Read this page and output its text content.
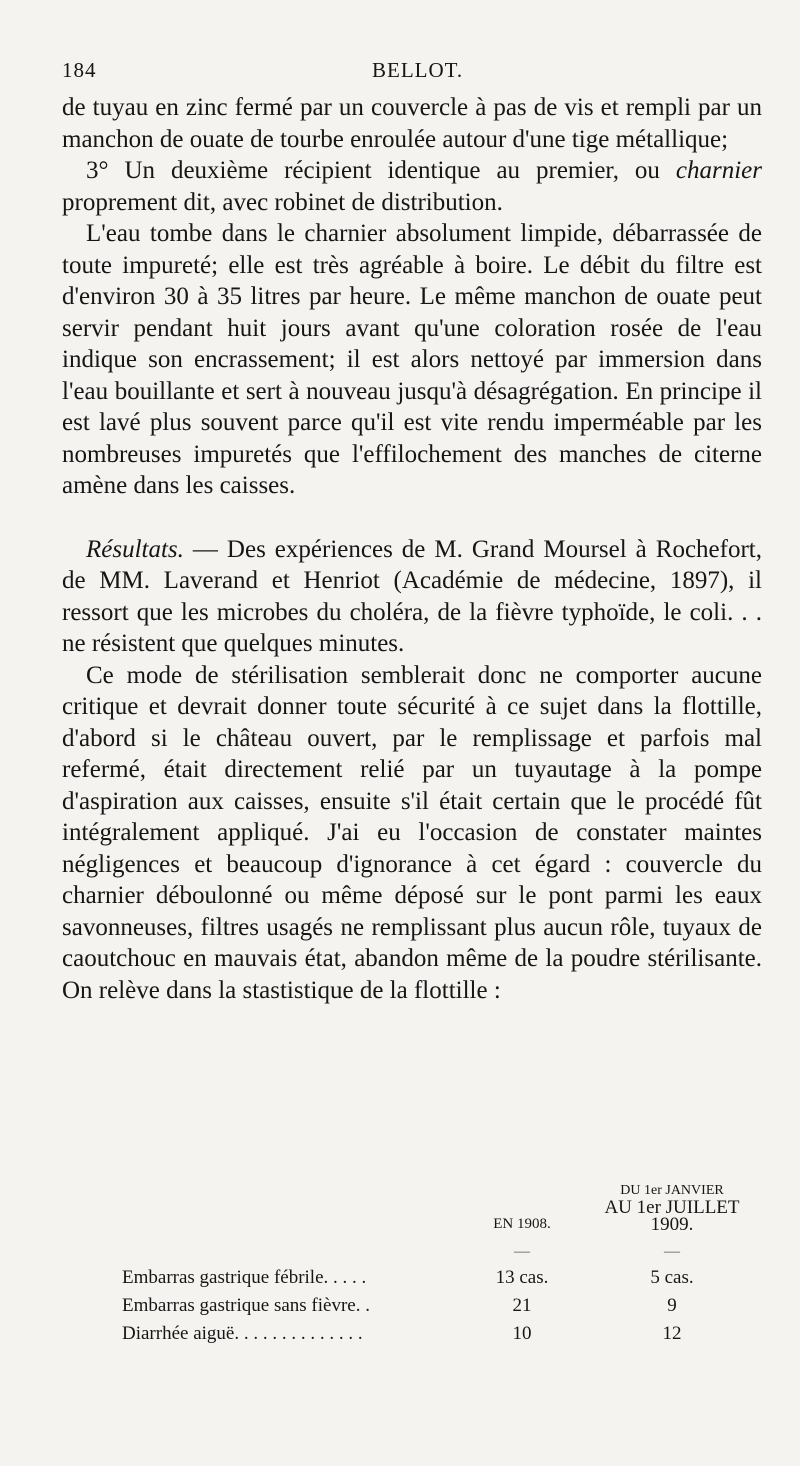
184	BELLOT.

de tuyau en zinc fermé par un couvercle à pas de vis et rempli par un manchon de ouate de tourbe enroulée autour d'une tige métallique;

3° Un deuxième récipient identique au premier, ou charnier proprement dit, avec robinet de distribution.

L'eau tombe dans le charnier absolument limpide, débarrassée de toute impureté; elle est très agréable à boire. Le débit du filtre est d'environ 30 à 35 litres par heure. Le même manchon de ouate peut servir pendant huit jours avant qu'une coloration rosée de l'eau indique son encrassement; il est alors nettoyé par immersion dans l'eau bouillante et sert à nouveau jusqu'à désagrégation. En principe il est lavé plus souvent parce qu'il est vite rendu imperméable par les nombreuses impuretés que l'effilochement des manches de citerne amène dans les caisses.

Résultats. — Des expériences de M. Grand Moursel à Rochefort, de MM. Laverand et Henriot (Académie de médecine, 1897), il ressort que les microbes du choléra, de la fièvre typhoïde, le coli. . . ne résistent que quelques minutes.

Ce mode de stérilisation semblerait donc ne comporter aucune critique et devrait donner toute sécurité à ce sujet dans la flottille, d'abord si le château ouvert, par le remplissage et parfois mal refermé, était directement relié par un tuyautage à la pompe d'aspiration aux caisses, ensuite s'il était certain que le procédé fût intégralement appliqué. J'ai eu l'occasion de constater maintes négligences et beaucoup d'ignorance à cet égard : couvercle du charnier déboulonné ou même déposé sur le pont parmi les eaux savonneuses, filtres usagés ne remplissant plus aucun rôle, tuyaux de caoutchouc en mauvais état, abandon même de la poudre stérilisante. On relève dans la stastistique de la flottille :

	EN 1908.	DU 1er JANVIER
AU 1er JUILLET 1909.

	—	—
Embarras gastrique fébrile. . . . .	13 cas.	5 cas.
Embarras gastrique sans fièvre. .	21	9
Diarrhée aiguë. . . . . . . . . . . . . .	10	12
